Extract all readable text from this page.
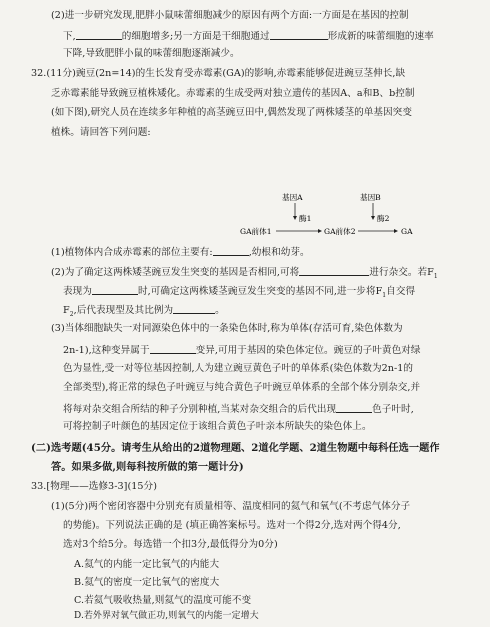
(2)进一步研究发现,肥胖小鼠味蕾细胞减少的原因有两个方面:一方面是在基因的控制
下,	的细胞增多;另一方面是干细胞通过	形成新的味蕾细胞的速率
下降,导致肥胖小鼠的味蕾细胞逐渐减少。
32.(11分)豌豆(2n=14)的生长发育受赤霉素(GA)的影响,赤霉素能够促进豌豆茎伸长,缺
乏赤霉素能导致豌豆植株矮化。赤霉素的生成受两对独立遗传的基因A、a和B、b控制
(如下图),研究人员在连续多年种植的高茎豌豆田中,偶然发现了两株矮茎的单基因突变
植株。请回答下列问题:
基因A	基因B
酶1	酶2
GA前体1	GA前体2	GA
(1)植物体内合成赤霉素的部位主要有:	,幼根和幼芽。
(2)为了确定这两株矮茎豌豆发生突变的基因是否相同,可将	进行杂交。若$F_1$
表现为	时,可确定这两株矮茎豌豆发生突变的基因不同,进一步将$F_1$自交得
$F_2$,后代表现型及其比例为	。
(3)当体细胞缺失一对同源染色体中的一条染色体时,称为单体(存活可育,染色体数为
2n-1),这种变异属于	变异,可用于基因的染色体定位。豌豆的子叶黄色对绿
色为显性,受一对等位基因控制,人为建立豌豆黄色子叶的单体系(染色体数为2n-1的
全部类型),将正常的绿色子叶豌豆与纯合黄色子叶豌豆单体系的全部个体分别杂交,并
将每对杂交组合所结的种子分别种植,当某对杂交组合的后代出现	色子叶时,
可将控制子叶颜色的基因定位于该组合黄色子叶亲本所缺失的染色体上。
(二)选考题(45分。请考生从给出的2道物理题、2道化学题、2道生物题中每科任选一题作
答。如果多做,则每科按所做的第一题计分)
33.[物理——选修3-3](15分)
(1)(5分)两个密闭容器中分别充有质量相等、温度相同的氦气和氧气(不考虑气体分子
的势能)。下列说法正确的是 (填正确答案标号。选对一个得2分,选对两个得4分,
选对3个给5分。每选错一个扣3分,最低得分为0分)
A.氦气的内能一定比氧气的内能大
B.氦气的密度一定比氧气的密度大
C.若氦气吸收热量,则氦气的温度可能不变
D.若外界对氧气做正功,则氧气的内能一定增大
